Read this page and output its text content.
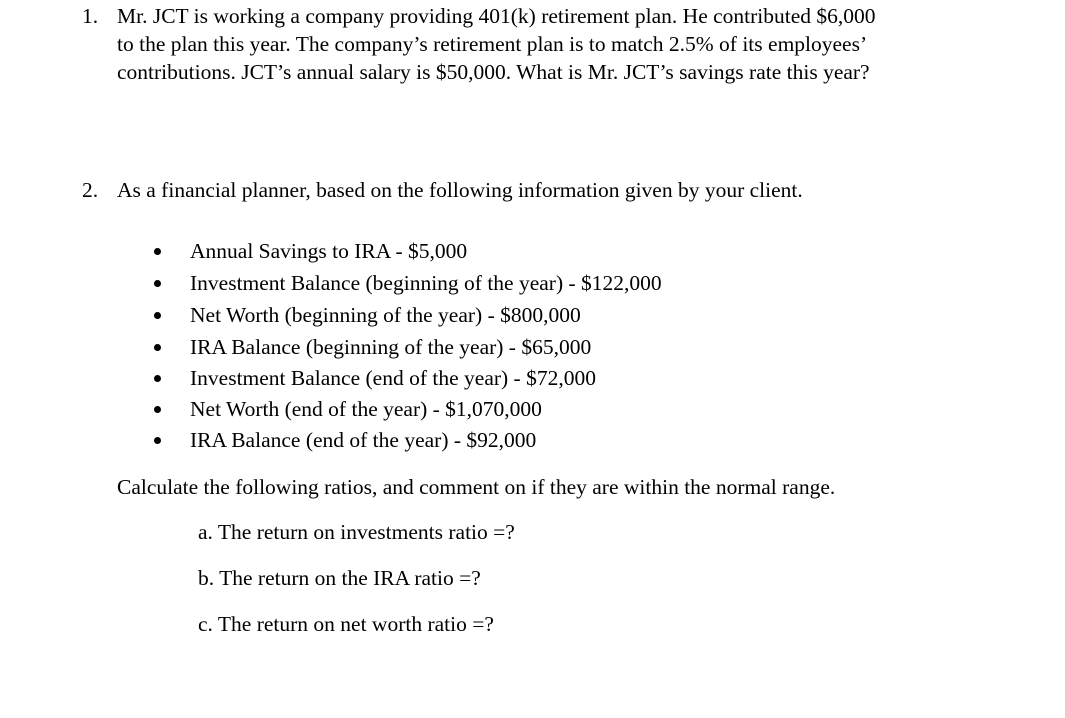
1. Mr. JCT is working a company providing 401(k) retirement plan. He contributed $6,000
to the plan this year. The company’s retirement plan is to match 2.5% of its employees’
contributions. JCT’s annual salary is $50,000. What is Mr. JCT’s savings rate this year?
2. As a financial planner, based on the following information given by your client.
Annual Savings to IRA - $5,000
Investment Balance (beginning of the year) - $122,000
Net Worth (beginning of the year) - $800,000
IRA Balance (beginning of the year) - $65,000
Investment Balance (end of the year) - $72,000
Net Worth (end of the year) - $1,070,000
IRA Balance (end of the year) - $92,000
Calculate the following ratios, and comment on if they are within the normal range.
a. The return on investments ratio =?
b. The return on the IRA ratio =?
c. The return on net worth ratio =?
